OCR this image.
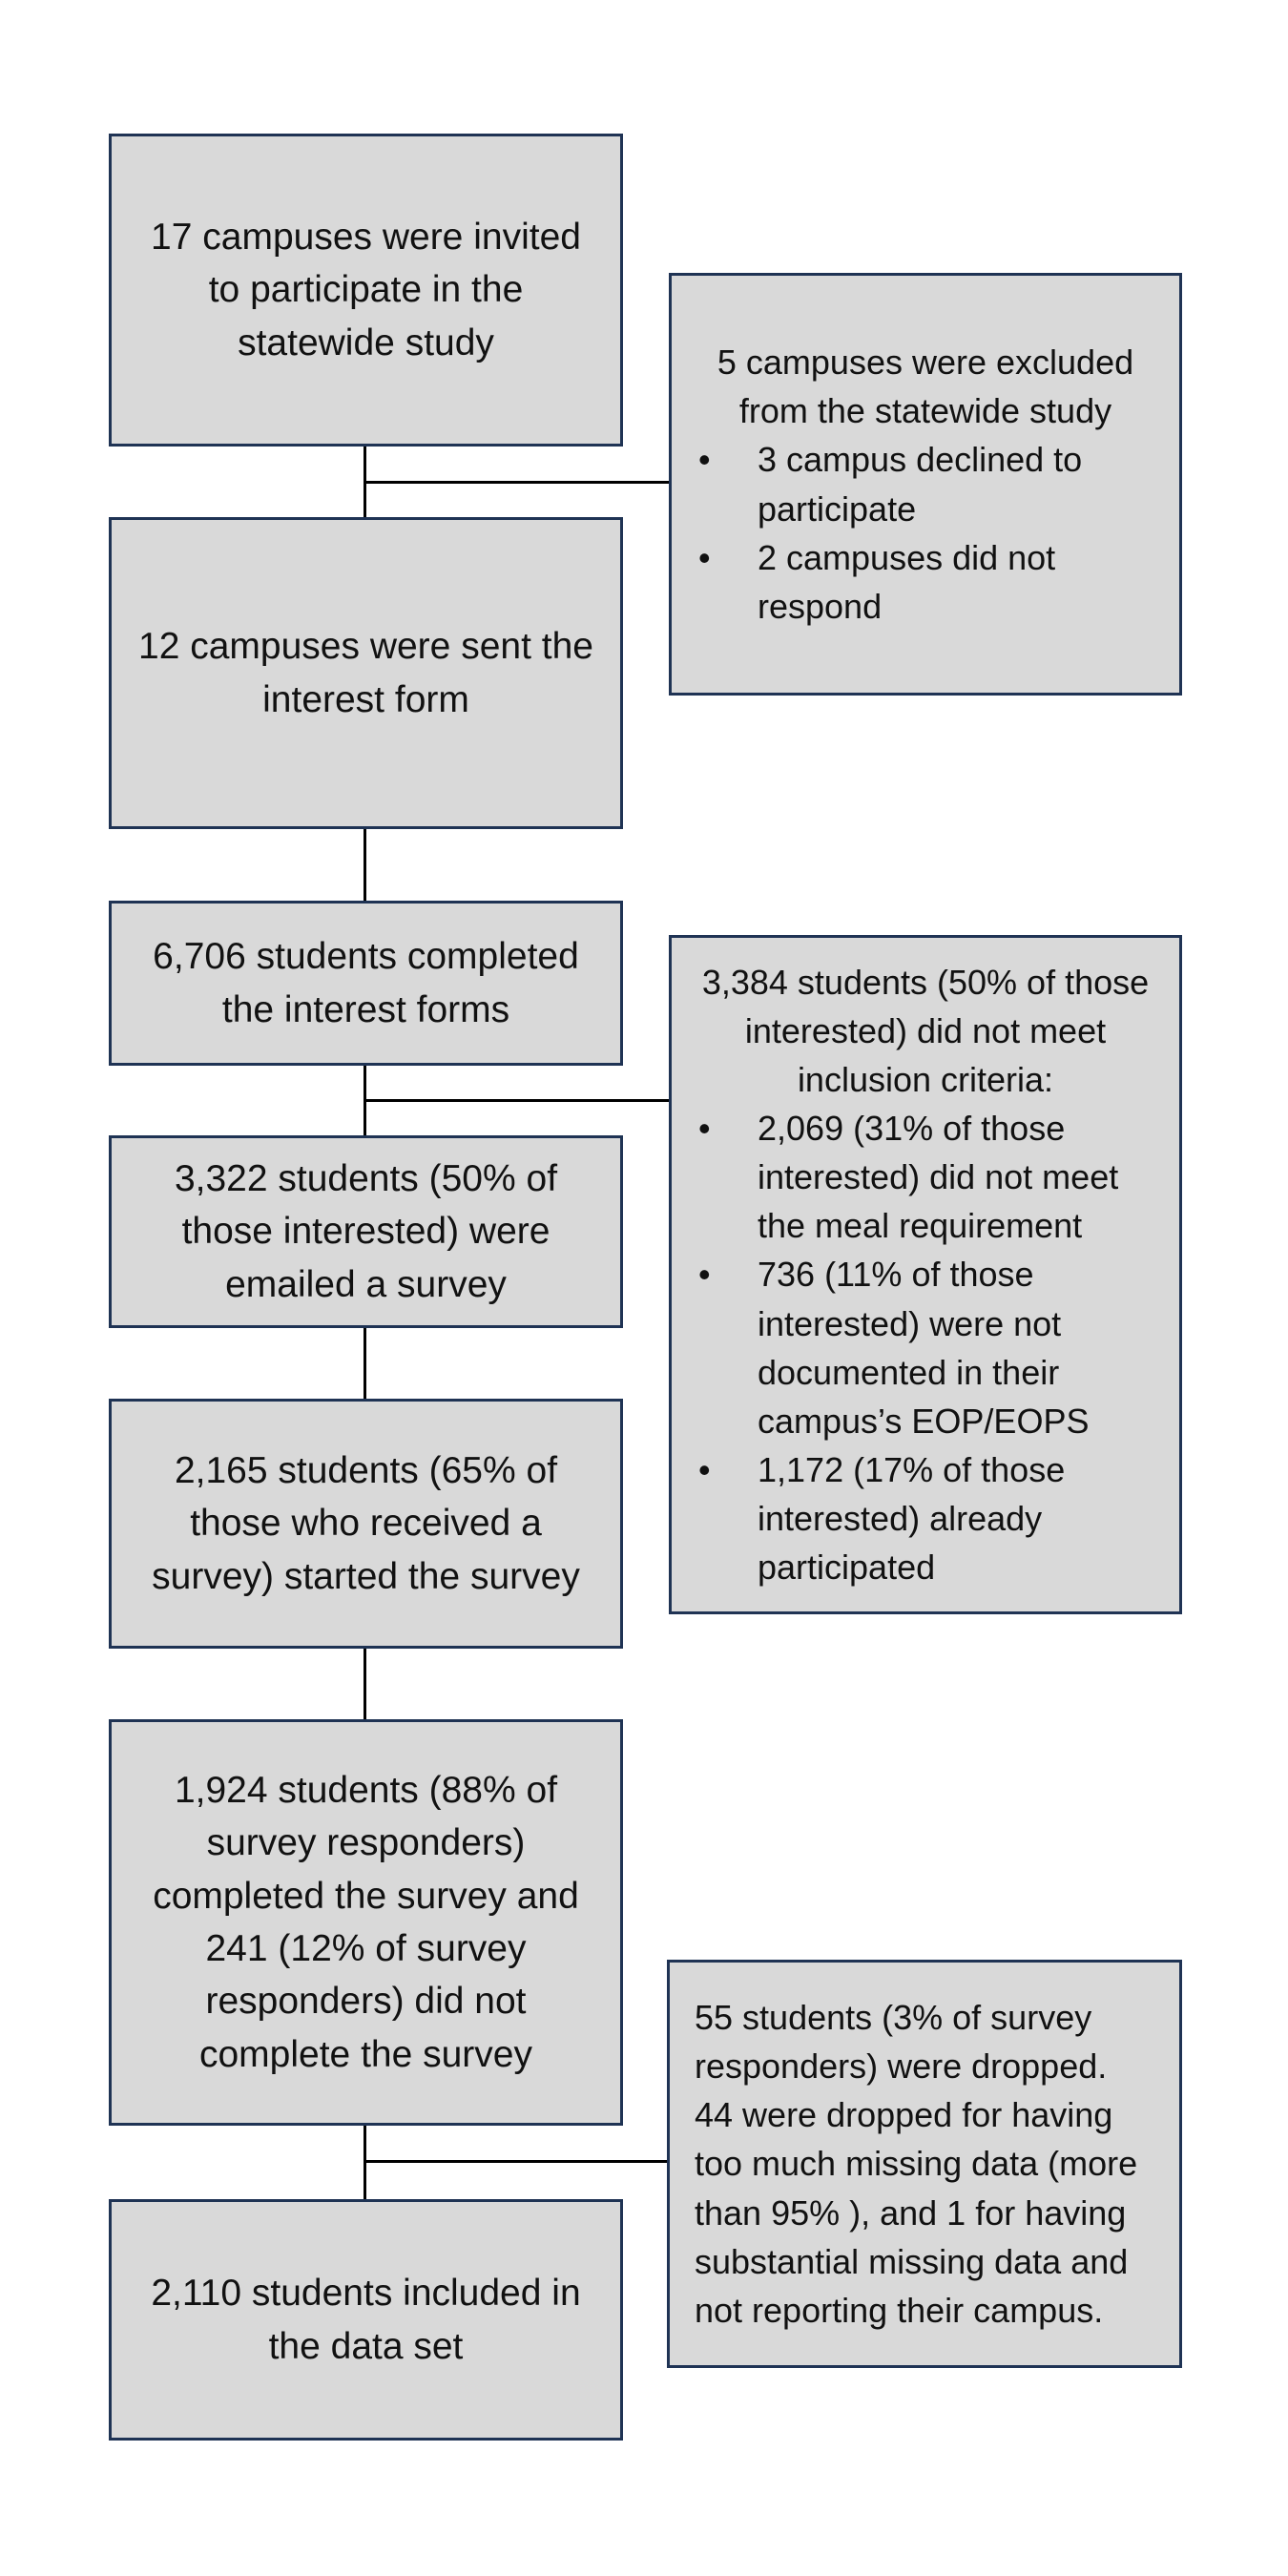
17 campuses were invited to participate in the statewide study
12 campuses were sent the interest form
6,706 students completed the interest forms
3,322 students (50% of those interested) were emailed a survey
2,165 students (65% of those who received a survey) started the survey
1,924 students (88% of survey responders) completed the survey and 241 (12% of survey responders) did not complete the survey
2,110 students included in the data set
5 campuses were excluded from the statewide study
• 3 campus declined to participate
• 2 campuses did not respond
3,384 students (50% of those interested) did not meet inclusion criteria:
• 2,069 (31% of those interested) did not meet the meal requirement
• 736 (11% of those interested) were not documented in their campus’s EOP/EOPS
• 1,172 (17% of those interested) already participated
55 students (3% of survey responders) were dropped. 44 were dropped for having too much missing data (more than 95% ), and 1 for having substantial missing data and not reporting their campus.
